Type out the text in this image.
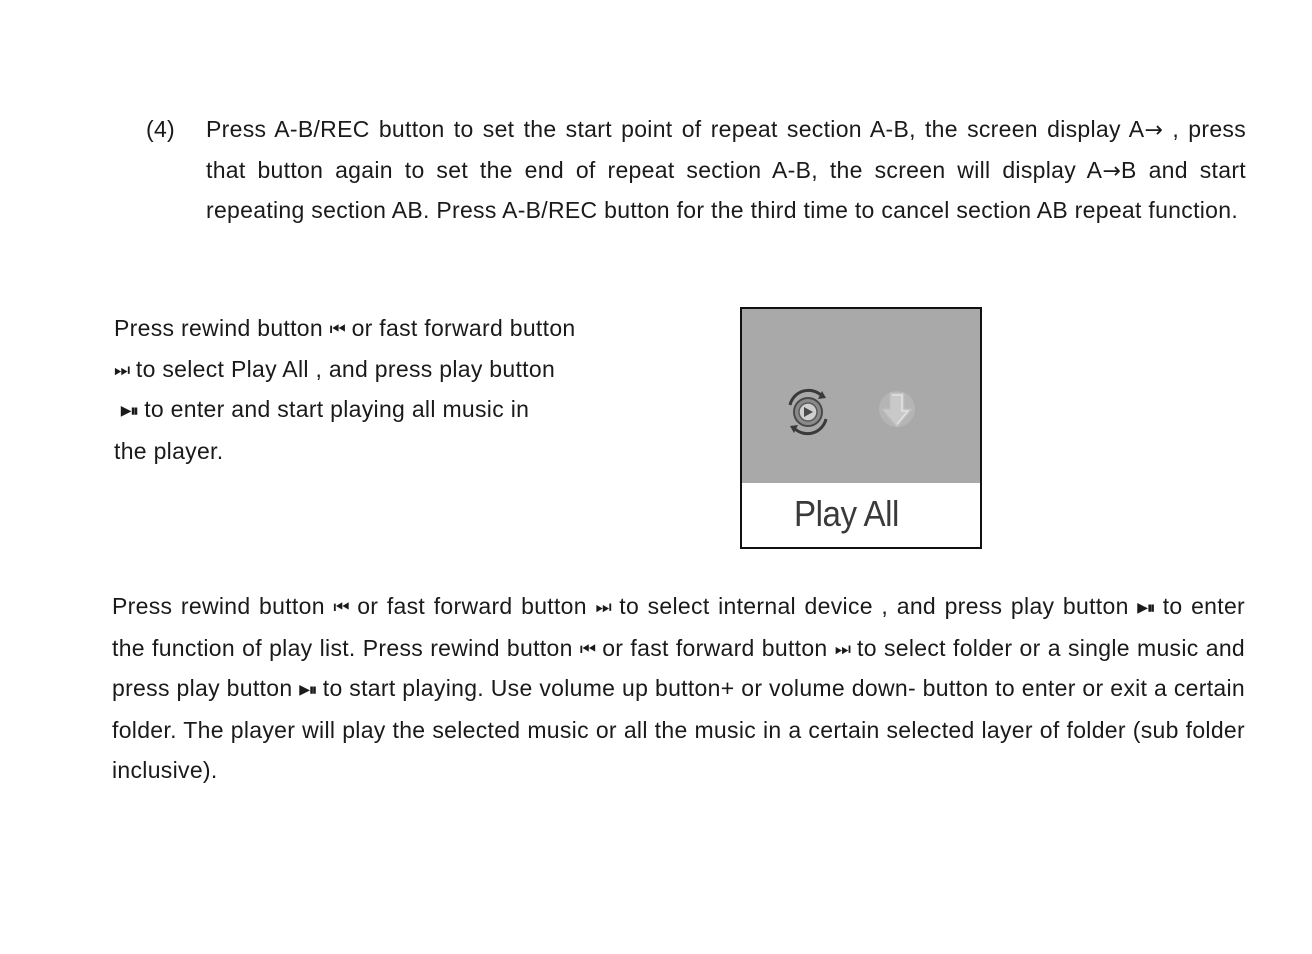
(4) Press A-B/REC button to set the start point of repeat section A-B, the screen display A→ , press that button again to set the end of repeat section A-B, the screen will display A→B and start repeating section AB. Press A-B/REC button for the third time to cancel section AB repeat function.
Press rewind button ⏮ or fast forward button
⏭ to select Play All , and press play button
▶⏸ to enter and start playing all music in
the player.
Play All
Press rewind button ⏮ or fast forward button ⏭ to select internal device , and press play button ▶⏸ to enter the function of play list. Press rewind button ⏮ or fast forward button ⏭ to select folder or a single music and press play button ▶⏸ to start playing. Use volume up button+ or volume down- button to enter or exit a certain folder. The player will play the selected music or all the music in a certain selected layer of folder (sub folder inclusive).
